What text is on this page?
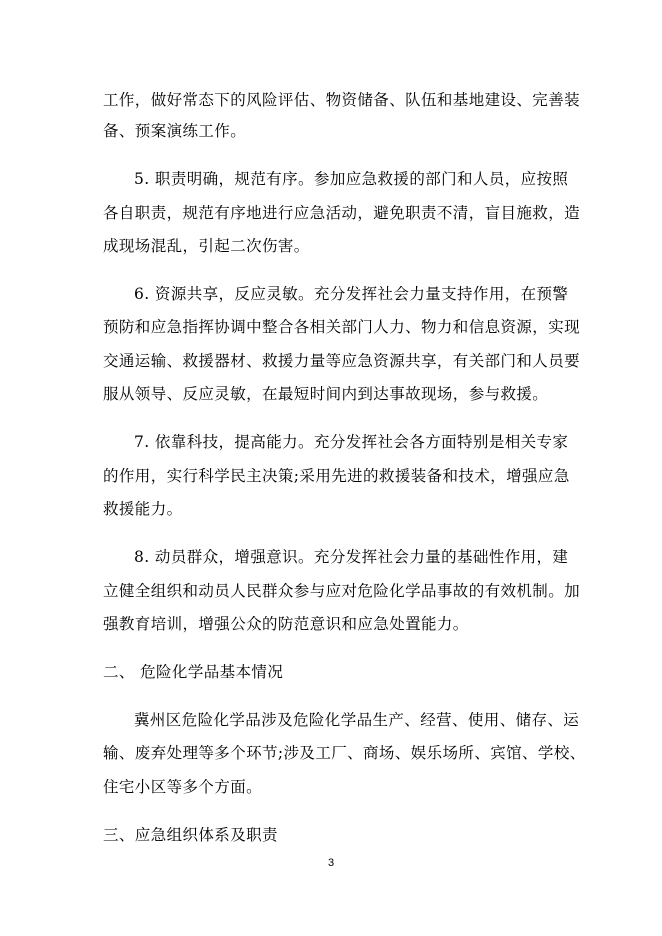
工作，做好常态下的风险评估、物资储备、队伍和基地建设、完善装
备、预案演练工作。
5. 职责明确，规范有序。参加应急救援的部门和人员，应按照
各自职责，规范有序地进行应急活动，避免职责不清，盲目施救，造
成现场混乱，引起二次伤害。
6. 资源共享，反应灵敏。充分发挥社会力量支持作用，在预警
预防和应急指挥协调中整合各相关部门人力、物力和信息资源，实现
交通运输、救援器材、救援力量等应急资源共享，有关部门和人员要
服从领导、反应灵敏，在最短时间内到达事故现场，参与救援。
7. 依靠科技，提高能力。充分发挥社会各方面特别是相关专家
的作用，实行科学民主决策;采用先进的救援装备和技术，增强应急
救援能力。
8. 动员群众，增强意识。充分发挥社会力量的基础性作用，建
立健全组织和动员人民群众参与应对危险化学品事故的有效机制。加
强教育培训，增强公众的防范意识和应急处置能力。
二、 危险化学品基本情况
冀州区危险化学品涉及危险化学品生产、经营、使用、储存、运
输、废弃处理等多个环节;涉及工厂、商场、娱乐场所、宾馆、学校、
住宅小区等多个方面。
三、应急组织体系及职责
3
